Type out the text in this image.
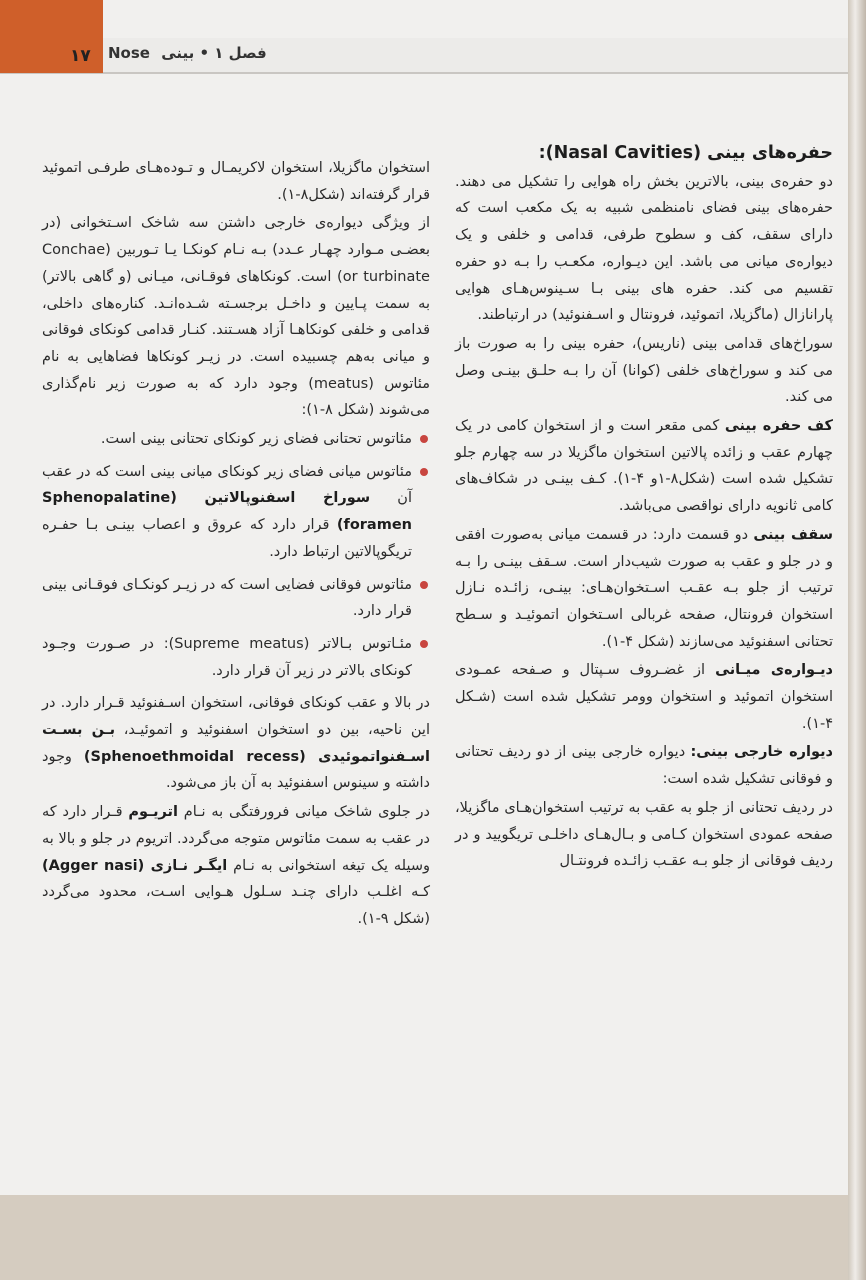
۱۷	Nose فصل ۱ • بینی

حفره‌های بینی (Nasal Cavities):

دو حفره‌ی بینی، بالاترین بخش راه هوایی را تشکیل می دهند. حفره‌های بینی فضای نامنظمی شبیه به یک مکعب است که دارای سقف، کف و سطوح طرفی، قدامی و خلفی و یک دیواره‌ی میانی می باشد. این دیـواره، مکعـب را بـه دو حفره تقسیم می کند. حفره های بینی بـا سـینوس‌هـای هوایی پارانازال (ماگزیلا، اتموئید، فرونتال و اسـفنوئید) در ارتباطند.

سوراخ‌های قدامی بینی (ناریس)، حفره بینی را به صورت باز می کند و سوراخ‌های خلفی (کوانا) آن را بـه حلـق بینـی وصل می کند.

کف حفره بینی کمی مقعر است و از استخوان کامی در یک چهارم عقب و زائده پالاتین استخوان ماگزیلا در سه چهارم جلو تشکیل شده است (شکل۸-۱و ۴-۱). کـف بینـی در شکاف‌های کامی ثانویه دارای نواقصی می‌باشد.

سقف بینی دو قسمت دارد: در قسمت میانی به‌صورت افقی و در جلو و عقب به صورت شیب‌دار است. سـقف بینـی را بـه ترتیب از جلو بـه عقـب اسـتخوان‌هـای: بینـی، زائـده نـازل استخوان فرونتال، صفحه غربالی اسـتخوان اتموئیـد و سـطح تحتانی اسفنوئید می‌سازند (شکل ۴-۱).

دیـواره‌ی میـانی از غضـروف سـپتال و صـفحه عمـودی استخوان اتموئید و استخوان وومر تشکیل شده است (شـکل ۴-۱).

دیواره خارجی بینی: دیواره خارجی بینی از دو ردیف تحتانی و فوقانی تشکیل شده است:

در ردیف تحتانی از جلو به عقب به ترتیب استخوان‌هـای ماگزیلا، صفحه عمودی استخوان کـامی و بـال‌هـای داخلـی تریگویید و در ردیف فوقانی از جلو بـه عقـب زائـده فرونتـال

استخوان ماگزیلا، استخوان لاکریمـال و تـوده‌هـای طرفـی اتموئید قرار گرفته‌اند (شکل۸-۱).

از ویژگی دیواره‌ی خارجی داشتن سه شاخک اسـتخوانی (در بعضـی مـوارد چهـار عـدد) بـه نـام کونکـا یـا تـوربین (Conchae or turbinate) است. کونکاهای فوقـانی، میـانی (و گاهی بالاتر) به سمت پـایین و داخـل برجسـته شـده‌انـد. کناره‌های داخلی، قدامی و خلفی کونکاهـا آزاد هسـتند. کنـار قدامی کونکای فوقانی و میانی به‌هم چسبیده است. در زیـر کونکاها فضاهایی به نام مئاتوس (meatus) وجود دارد که به صورت زیر نام‌گذاری می‌شوند (شکل ۸-۱):

مئاتوس تحتانی فضای زیر کونکای تحتانی بینی است.
مئاتوس میانی فضای زیر کونکای میانی بینی است که در عقب آن سوراخ اسفنوپالاتین (Sphenopalatine foramen) قرار دارد که عروق و اعصاب بینـی بـا حفـره تریگوپالاتین ارتباط دارد.
مئاتوس فوقانی فضایی است که در زیـر کونکـای فوقـانی بینی قرار دارد.
مئـاتوس بـالاتر (Supreme meatus): در صـورت وجـود کونکای بالاتر در زیر آن قرار دارد.

در بالا و عقب کونکای فوقانی، استخوان اسـفنوئید قـرار دارد. در این ناحیه، بین دو استخوان اسفنوئید و اتموئیـد، بـن بسـت اسـفنواتموئیدی (Sphenoethmoidal recess) وجود داشته و سینوس اسفنوئید به آن باز می‌شود.

در جلوی شاخک میانی فرورفتگی به نـام اتریـوم قـرار دارد که در عقب به سمت مئاتوس متوجه می‌گردد. اتریوم در جلو و بالا به وسیله یک تیغه استخوانی به نـام ایگـر نـازی (Agger nasi) کـه اغلـب دارای چنـد سـلول هـوایی اسـت، محدود می‌گردد (شکل ۹-۱).
